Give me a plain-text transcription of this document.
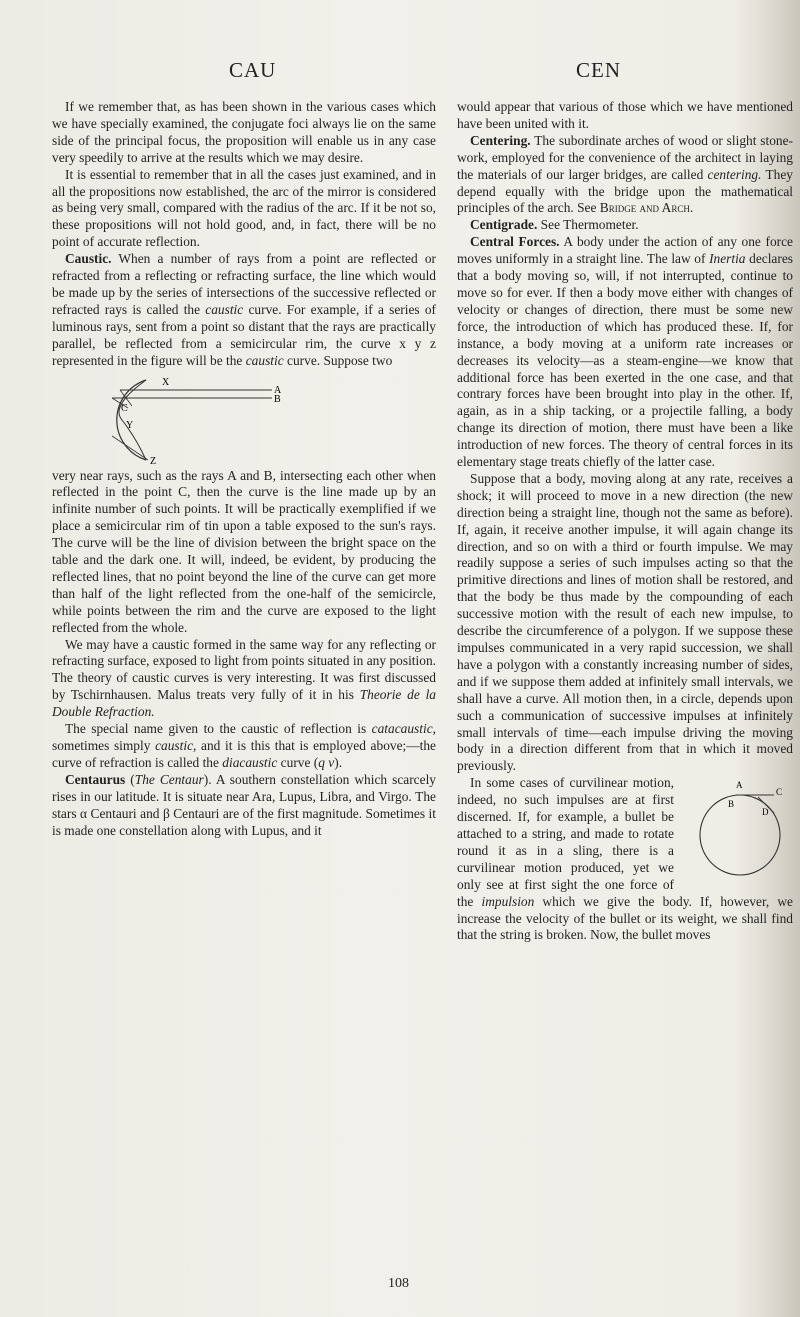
CAU	CEN

If we remember that, as has been shown in the various cases which we have specially examined, the conjugate foci always lie on the same side of the principal focus, the proposition will enable us in any case very speedily to arrive at the results which we may desire.

It is essential to remember that in all the cases just examined, and in all the propositions now established, the arc of the mirror is considered as being very small, compared with the radius of the arc. If it be not so, these propositions will not hold good, and, in fact, there will be no point of accurate reflection.

Caustic. When a number of rays from a point are reflected or refracted from a reflecting or refracting surface, the line which would be made up by the series of intersections of the successive reflected or refracted rays is called the caustic curve. For example, if a series of luminous rays, sent from a point so distant that the rays are practically parallel, be reflected from a semicircular rim, the curve x y z represented in the figure will be the caustic curve. Suppose two

X
A
B
C
Y
Z

very near rays, such as the rays A and B, intersecting each other when reflected in the point C, then the curve is the line made up by an infinite number of such points. It will be practically exemplified if we place a semicircular rim of tin upon a table exposed to the sun's rays. The curve will be the line of division between the bright space on the table and the dark one. It will, indeed, be evident, by producing the reflected lines, that no point beyond the line of the curve can get more than half of the light reflected from the one-half of the semicircle, while points between the rim and the curve are exposed to the light reflected from the whole.

We may have a caustic formed in the same way for any reflecting or refracting surface, exposed to light from points situated in any position. The theory of caustic curves is very interesting. It was first discussed by Tschirnhausen. Malus treats very fully of it in his Theorie de la Double Refraction.

The special name given to the caustic of reflection is catacaustic, sometimes simply caustic, and it is this that is employed above;—the curve of refraction is called the diacaustic curve (q v).

Centaurus (The Centaur). A southern constellation which scarcely rises in our latitude. It is situate near Ara, Lupus, Libra, and Virgo. The stars α Centauri and β Centauri are of the first magnitude. Sometimes it is made one constellation along with Lupus, and it

would appear that various of those which we have mentioned have been united with it.

Centering. The subordinate arches of wood or slight stone-work, employed for the convenience of the architect in laying the materials of our larger bridges, are called centering. They depend equally with the bridge upon the mathematical principles of the arch. See Bridge and Arch.

Centigrade. See Thermometer.

Central Forces. A body under the action of any one force moves uniformly in a straight line. The law of Inertia declares that a body moving so, will, if not interrupted, continue to move so for ever. If then a body move either with changes of velocity or changes of direction, there must be some new force, the introduction of which has produced these. If, for instance, a body moving at a uniform rate increases or decreases its velocity—as a steam-engine—we know that additional force has been exerted in the one case, and that contrary forces have been brought into play in the other. If, again, as in a ship tacking, or a projectile falling, a body change its direction of motion, there must have been a like introduction of new forces. The theory of central forces in its elementary stage treats chiefly of the latter case.

Suppose that a body, moving along at any rate, receives a shock; it will proceed to move in a new direction (the new direction being a straight line, though not the same as before). If, again, it receive another impulse, it will again change its direction, and so on with a third or fourth impulse. We may readily suppose a series of such impulses acting so that the primitive directions and lines of motion shall be restored, and that the body be thus made by the compounding of each successive motion with the result of each new impulse, to describe the circumference of a polygon. If we suppose these impulses communicated in a very rapid succession, we shall have a polygon with a constantly increasing number of sides, and if we suppose them added at infinitely small intervals, we shall have a curve. All motion then, in a circle, depends upon such a communication of successive impulses at infinitely small intervals of time—each impulse driving the moving body in a direction different from that in which it moved previously.

A
B
C
D
In some cases of curvilinear motion, indeed, no such impulses are at first discerned. If, for example, a bullet be attached to a string, and made to rotate round it as in a sling, there is a curvilinear motion produced, yet we only see at first sight the one force of the impulsion which we give the body. If, however, we increase the velocity of the bullet or its weight, we shall find that the string is broken. Now, the bullet moves

108
